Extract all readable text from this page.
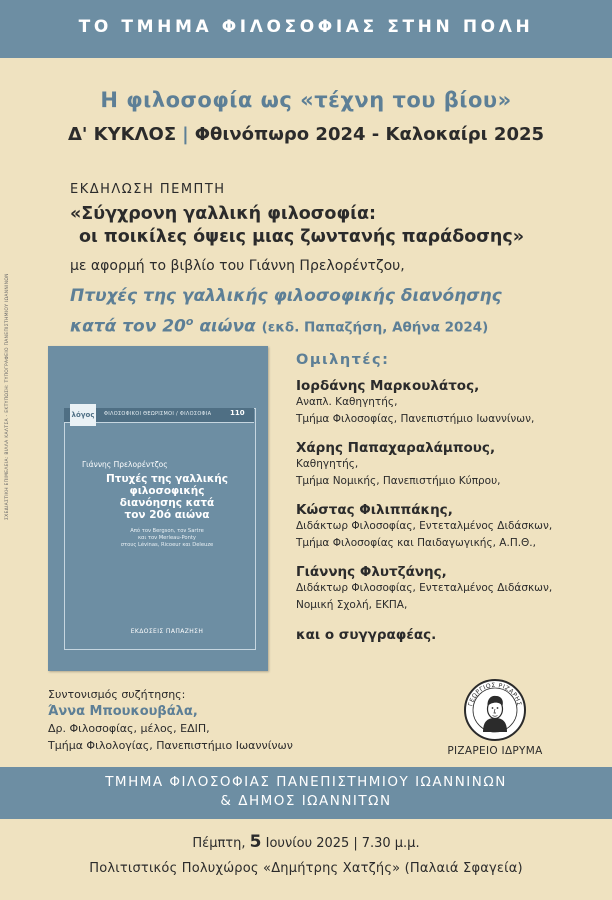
ΤΟ ΤΜΗΜΑ ΦΙΛΟΣΟΦΙΑΣ ΣΤΗΝ ΠΟΛΗ
Η φιλοσοφία ως «τέχνη του βίου»
Δ' ΚΥΚΛΟΣ | Φθινόπωρο 2024 - Καλοκαίρι 2025
ΕΚΔΗΛΩΣΗ ΠΕΜΠΤΗ
«Σύγχρονη γαλλική φιλοσοφία:
οι ποικίλες όψεις μιας ζωντανής παράδοσης»
με αφορμή το βιβλίο του Γιάννη Πρελορέντζου,
Πτυχές της γαλλικής φιλοσοφικής διανόησης
κατά τον $20^o$ αιώνα (εκδ. Παπαζήση, Αθήνα 2024)
ΣΧΕΔΙΑΣΤΙΚΗ ΕΠΙΜΕΛΕΙΑ: ΒΙΛΛΑ ΚΑΛΤΣΑ - ΕΚΤΥΠΩΣΗ: ΤΥΠΟΓΡΑΦΕΙΟ ΠΑΝΕΠΙΣΤΗΜΙΟΥ ΙΩΑΝΝΙΝΩΝ	λόγος	ΦΙΛΟΣΟΦΙΚΟΙ ΘΕΩΡΙΣΜΟΙ / ΦΙΛΟΣΟΦΙΑ	110
Γιάννης Πρελορέντζος
Πτυχές της γαλλικής
φιλοσοφικής
διανόησης κατά
τον 20ό αιώνα
Από τον Bergson, τον Sartre
και τον Merleau-Ponty
στους Lévinas, Ricoeur και Deleuze
ΕΚΔΟΣΕΙΣ ΠΑΠΑΖΗΣΗ
Ομιλητές:
Ιορδάνης Μαρκουλάτος,
Αναπλ. Καθηγητής,
Τμήμα Φιλοσοφίας, Πανεπιστήμιο Ιωαννίνων,
Χάρης Παπαχαραλάμπους,
Καθηγητής,
Τμήμα Νομικής, Πανεπιστήμιο Κύπρου,
Κώστας Φιλιππάκης,
Διδάκτωρ Φιλοσοφίας, Εντεταλμένος Διδάσκων,
Τμήμα Φιλοσοφίας και Παιδαγωγικής, Α.Π.Θ.,
Γιάννης Φλυτζάνης,
Διδάκτωρ Φιλοσοφίας, Εντεταλμένος Διδάσκων,
Νομική Σχολή, ΕΚΠΑ,
και ο συγγραφέας.
Συντονισμός συζήτησης:
Άννα Μπουκουβάλα,
Δρ. Φιλοσοφίας, μέλος, ΕΔΙΠ,
Τμήμα Φιλολογίας, Πανεπιστήμιο Ιωαννίνων
ΓΕΩΡΓΙΟΣ ΡΙΖΑΡΗΣ
ΡΙΖΑΡΕΙΟ ΙΔΡΥΜΑ
ΤΜΗΜΑ ΦΙΛΟΣΟΦΙΑΣ ΠΑΝΕΠΙΣΤΗΜΙΟΥ ΙΩΑΝΝΙΝΩΝ
& ΔΗΜΟΣ ΙΩΑΝΝΙΤΩΝ
Πέμπτη, 5 Ιουνίου 2025 | 7.30 μ.μ.
Πολιτιστικός Πολυχώρος «Δημήτρης Χατζής» (Παλαιά Σφαγεία)
